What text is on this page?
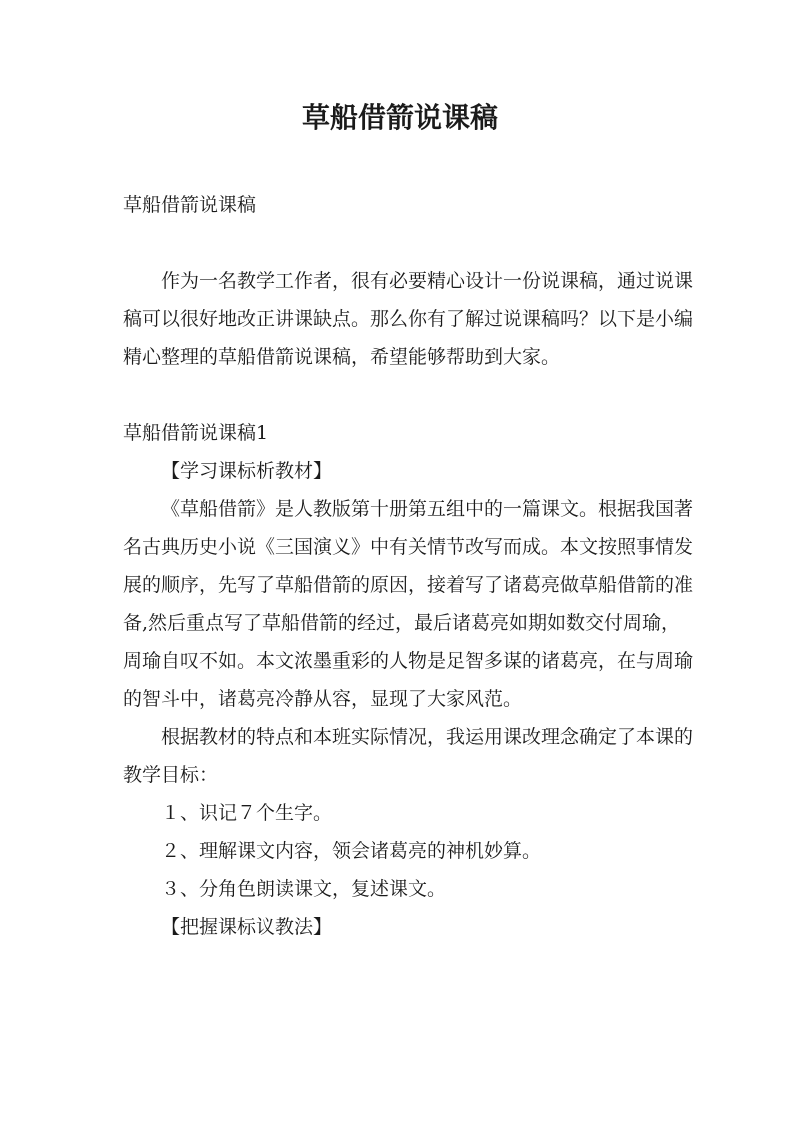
草船借箭说课稿

草船借箭说课稿

作为一名教学工作者，很有必要精心设计一份说课稿，通过说课稿可以很好地改正讲课缺点。那么你有了解过说课稿吗？以下是小编精心整理的草船借箭说课稿，希望能够帮助到大家。

草船借箭说课稿1

【学习课标析教材】

《草船借箭》是人教版第十册第五组中的一篇课文。根据我国著名古典历史小说《三国演义》中有关情节改写而成。本文按照事情发展的顺序，先写了草船借箭的原因，接着写了诸葛亮做草船借箭的准备,然后重点写了草船借箭的经过，最后诸葛亮如期如数交付周瑜，周瑜自叹不如。本文浓墨重彩的人物是足智多谋的诸葛亮，在与周瑜的智斗中，诸葛亮冷静从容，显现了大家风范。

根据教材的特点和本班实际情况，我运用课改理念确定了本课的教学目标：

１、识记７个生字。

２、理解课文内容，领会诸葛亮的神机妙算。

３、分角色朗读课文，复述课文。

【把握课标议教法】
